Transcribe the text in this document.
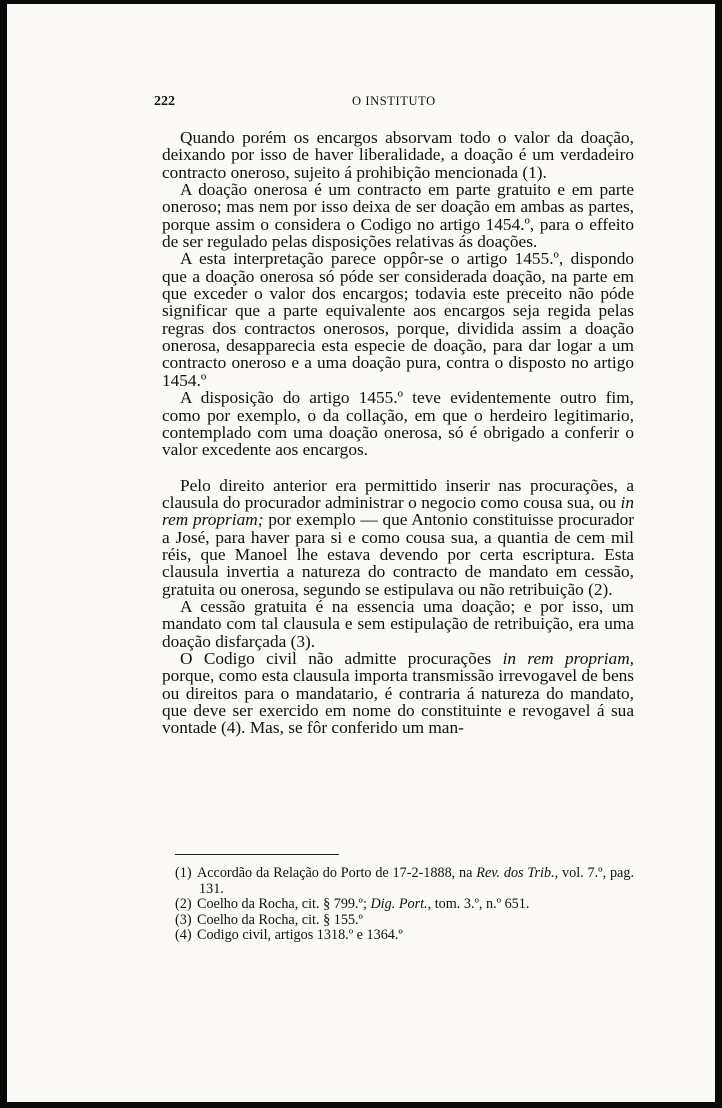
222	O INSTITUTO

Quando porém os encargos absorvam todo o valor da doação, deixando por isso de haver liberalidade, a doação é um verdadeiro contracto oneroso, sujeito á prohibição mencionada (1).

A doação onerosa é um contracto em parte gratuito e em parte oneroso; mas nem por isso deixa de ser doação em ambas as partes, porque assim o considera o Codigo no artigo 1454.º, para o effeito de ser regulado pelas disposições relativas ás doações.

A esta interpretação parece oppôr-se o artigo 1455.º, dispondo que a doação onerosa só póde ser considerada doação, na parte em que exceder o valor dos encargos; todavia este preceito não póde significar que a parte equivalente aos encargos seja regida pelas regras dos contractos onerosos, porque, dividida assim a doação onerosa, desapparecia esta especie de doação, para dar logar a um contracto oneroso e a uma doação pura, contra o disposto no artigo 1454.º

A disposição do artigo 1455.º teve evidentemente outro fim, como por exemplo, o da collação, em que o herdeiro legitimario, contemplado com uma doação onerosa, só é obrigado a conferir o valor excedente aos encargos.

Pelo direito anterior era permittido inserir nas procurações, a clausula do procurador administrar o negocio como cousa sua, ou in rem propriam; por exemplo — que Antonio constituisse procurador a José, para haver para si e como cousa sua, a quantia de cem mil réis, que Manoel lhe estava devendo por certa escriptura. Esta clausula invertia a natureza do contracto de mandato em cessão, gratuita ou onerosa, segundo se estipulava ou não retribuição (2).

A cessão gratuita é na essencia uma doação; e por isso, um mandato com tal clausula e sem estipulação de retribuição, era uma doação disfarçada (3).

O Codigo civil não admitte procurações in rem propriam, porque, como esta clausula importa transmissão irrevogavel de bens ou direitos para o mandatario, é contraria á natureza do mandato, que deve ser exercido em nome do constituinte e revogavel á sua vontade (4). Mas, se fôr conferido um man-

(1) Accordão da Relação do Porto de 17-2-1888, na Rev. dos Trib., vol. 7.º, pag. 131.
(2) Coelho da Rocha, cit. § 799.º; Dig. Port., tom. 3.º, n.º 651.
(3) Coelho da Rocha, cit. § 155.º
(4) Codigo civil, artigos 1318.º e 1364.º
